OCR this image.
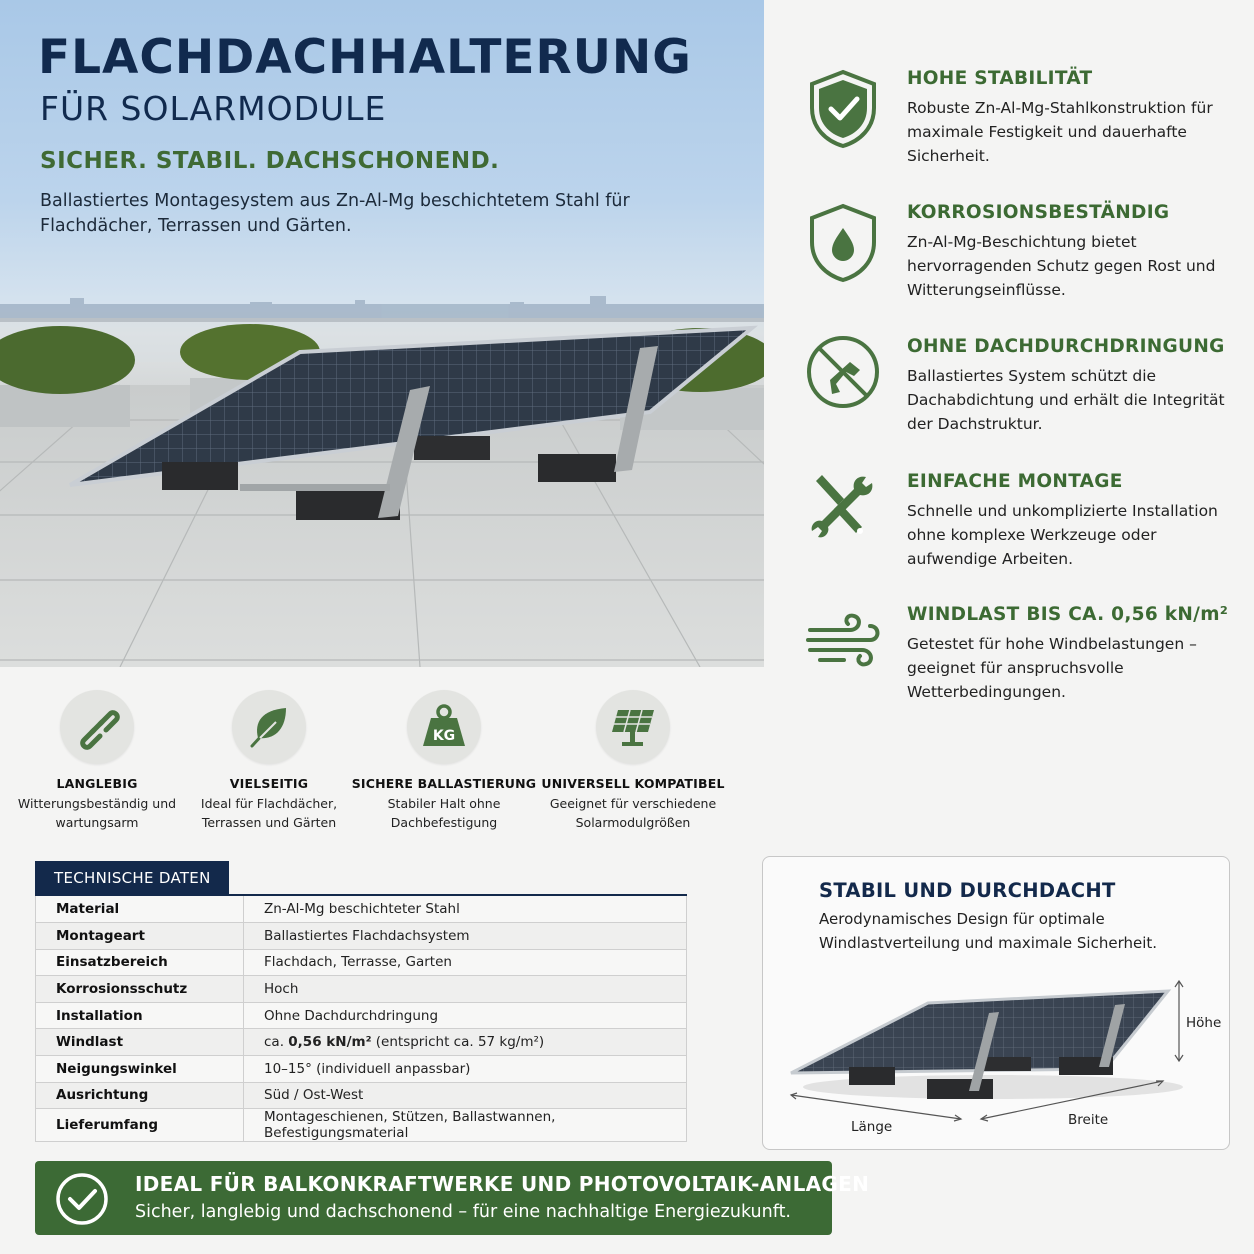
FLACHDACHHALTERUNG
FÜR SOLARMODULE
SICHER. STABIL. DACHSCHONEND.
Ballastiertes Montagesystem aus Zn-Al-Mg beschichtetem Stahl für Flachdächer, Terrassen und Gärten.
HOHE STABILITÄT
Robuste Zn-Al-Mg-Stahlkonstruktion für maximale Festigkeit und dauerhafte Sicherheit.
KORROSIONSBESTÄNDIG
Zn-Al-Mg-Beschichtung bietet hervorragenden Schutz gegen Rost und Witterungseinflüsse.
OHNE DACHDURCHDRINGUNG
Ballastiertes System schützt die Dachabdichtung und erhält die Integrität der Dachstruktur.
EINFACHE MONTAGE
Schnelle und unkomplizierte Installation ohne komplexe Werkzeuge oder aufwendige Arbeiten.
WINDLAST BIS CA. 0,56 kN/m²
Getestet für hohe Windbelastungen – geeignet für anspruchsvolle Wetterbedingungen.
LANGLEBIG
Witterungsbeständig und wartungsarm
VIELSEITIG
Ideal für Flachdächer, Terrassen und Gärten
KG
SICHERE BALLASTIERUNG
Stabiler Halt ohne Dachbefestigung
UNIVERSELL KOMPATIBEL
Geeignet für verschiedene Solarmodulgrößen
TECHNISCHE DATEN
Material	Zn-Al-Mg beschichteter Stahl
Montageart	Ballastiertes Flachdachsystem
Einsatzbereich	Flachdach, Terrasse, Garten
Korrosionsschutz	Hoch
Installation	Ohne Dachdurchdringung
Windlast	ca. 0,56 kN/m² (entspricht ca. 57 kg/m²)
Neigungswinkel	10–15° (individuell anpassbar)
Ausrichtung	Süd / Ost-West
Lieferumfang	Montageschienen, Stützen, Ballastwannen, Befestigungsmaterial
STABIL UND DURCHDACHT
Aerodynamisches Design für optimale Windlastverteilung und maximale Sicherheit.
Höhe
Länge	Breite
IDEAL FÜR BALKONKRAFTWERKE UND PHOTOVOLTAIK-ANLAGEN
Sicher, langlebig und dachschonend – für eine nachhaltige Energiezukunft.
